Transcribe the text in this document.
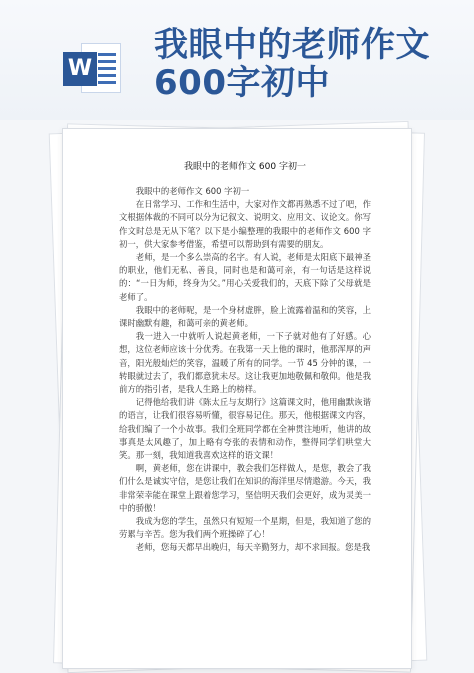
W
我眼中的老师作文
600字初中
我眼中的老师作文 600 字初一

我眼中的老师作文 600 字初一

在日常学习、工作和生活中，大家对作文都再熟悉不过了吧，作文根据体裁的不同可以分为记叙文、说明文、应用文、议论文。你写作文时总是无从下笔？以下是小编整理的我眼中的老师作文 600 字初一，供大家参考借鉴，希望可以帮助到有需要的朋友。

老师，是一个多么崇高的名字。有人说，老师是太阳底下最神圣的职业，他们无私、善良，同时也是和蔼可亲，有一句话是这样说的：“一日为师，终身为父。”用心关爱我们的，天底下除了父母就是老师了。

我眼中的老师呢，是一个身材虚胖，脸上流露着温和的笑容，上课时幽默有趣，和蔼可亲的黄老师。

我一进入一中就听人说起黄老师，一下子就对他有了好感。心想，这位老师应该十分优秀。在我第一天上他的课时，他那浑厚的声音，阳光般灿烂的笑容，温暖了所有的同学。一节 45 分钟的课，一转眼就过去了，我们都意犹未尽。这让我更加地敬佩和敬仰。他是我前方的指引者，是我人生路上的榜样。

记得他给我们讲《陈太丘与友期行》这篇课文时，他用幽默诙谐的语言，让我们很容易听懂，很容易记住。那天，他根据课文内容，给我们编了一个小故事。我们全班同学都在全神贯注地听，他讲的故事真是太风趣了，加上略有夸张的表情和动作，整得同学们哄堂大笑。那一刻，我知道我喜欢这样的语文课！

啊，黄老师，您在讲课中，教会我们怎样做人，是您，教会了我们什么是诚实守信，是您让我们在知识的海洋里尽情遨游。今天，我非常荣幸能在课堂上跟着您学习，坚信明天我们会更好，成为灵美一中的骄傲！

我成为您的学生，虽然只有短短一个星期，但是，我知道了您的劳累与辛苦。您为我们两个班操碎了心！

老师，您每天都早出晚归，每天辛勤努力，却不求回报。您是我
